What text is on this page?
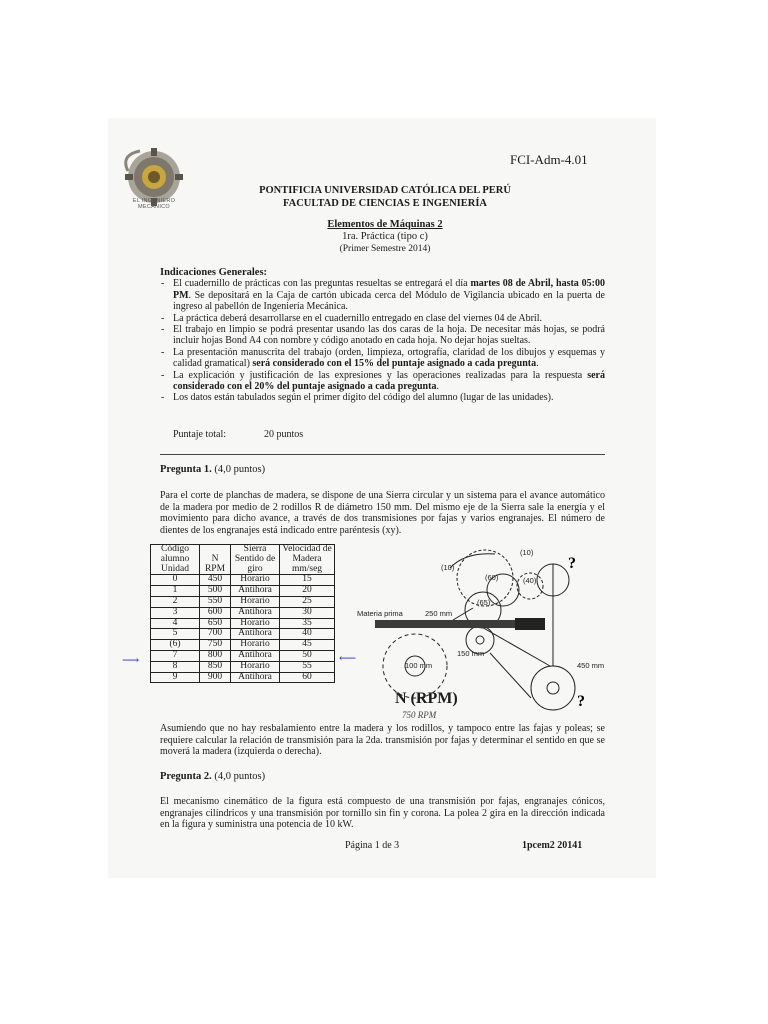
EL INGENIERO
MECANICO
FCI-Adm-4.01
PONTIFICIA UNIVERSIDAD CATÓLICA DEL PERÚ
FACULTAD DE CIENCIAS E INGENIERÍA
Elementos de Máquinas 2
1ra. Práctica (tipo c)
(Primer Semestre 2014)
Indicaciones Generales:
- El cuadernillo de prácticas con las preguntas resueltas se entregará el día martes 08 de Abril, hasta 05:00 PM. Se depositará en la Caja de cartón ubicada cerca del Módulo de Vigilancia ubicado en la puerta de ingreso al pabellón de Ingeniería Mecánica.
- La práctica deberá desarrollarse en el cuadernillo entregado en clase del viernes 04 de Abril.
- El trabajo en limpio se podrá presentar usando las dos caras de la hoja. De necesitar más hojas, se podrá incluir hojas Bond A4 con nombre y código anotado en cada hoja. No dejar hojas sueltas.
- La presentación manuscrita del trabajo (orden, limpieza, ortografía, claridad de los dibujos y esquemas y calidad gramatical) será considerado con el 15% del puntaje asignado a cada pregunta.
- La explicación y justificación de las expresiones y las operaciones realizadas para la respuesta será considerado con el 20% del puntaje asignado a cada pregunta.
- Los datos están tabulados según el primer dígito del código del alumno (lugar de las unidades).
Puntaje total:	20 puntos
Pregunta 1. (4,0 puntos)
Para el corte de planchas de madera, se dispone de una Sierra circular y un sistema para el avance automático de la madera por medio de 2 rodillos R de diámetro 150 mm. Del mismo eje de la Sierra sale la energía y el movimiento para dicho avance, a través de dos transmisiones por fajas y varios engranajes. El número de dientes de los engranajes está indicado entre paréntesis (xy).
Código alumno Unidad	N RPM	Sierra Sentido de giro	Velocidad de Madera mm/seg
0	450	Horario	15
1	500	Antihora	20
2	550	Horario	25
3	600	Antihora	30
4	650	Horario	35
5	700	Antihora	40
(6)	750	Horario	45
7	800	Antihora	50
8	850	Horario	55
9	900	Antihora	60
⟶	⟵
Materia prima	250 mm
150 mm
100 mm	450 mm
(10)
(10)
(60)	(40)
(65)
?
?
N (RPM)
750 RPM
Asumiendo que no hay resbalamiento entre la madera y los rodillos, y tampoco entre las fajas y poleas; se requiere calcular la relación de transmisión para la 2da. transmisión por fajas y determinar el sentido en que se moverá la madera (izquierda o derecha).
Pregunta 2. (4,0 puntos)
El mecanismo cinemático de la figura está compuesto de una transmisión por fajas, engranajes cónicos, engranajes cilíndricos y una transmisión por tornillo sin fin y corona. La polea 2 gira en la dirección indicada en la figura y suministra una potencia de 10 kW.
Página 1 de 3	1pcem2 20141
